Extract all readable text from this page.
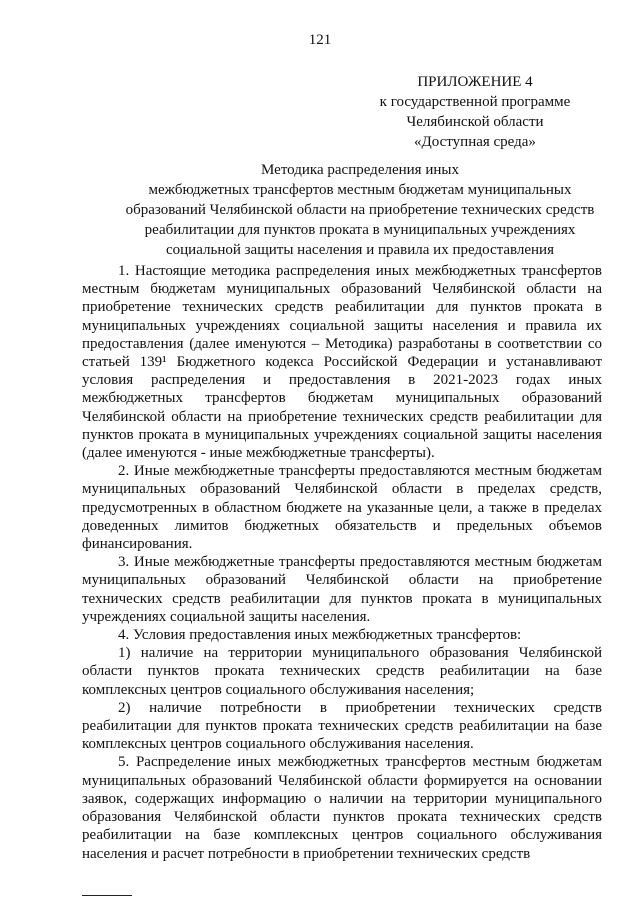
121
ПРИЛОЖЕНИЕ 4
к государственной программе
Челябинской области
«Доступная среда»
Методика распределения иных
межбюджетных трансфертов местным бюджетам муниципальных
образований Челябинской области на приобретение технических средств
реабилитации для пунктов проката в муниципальных учреждениях
социальной защиты населения и правила их предоставления

1. Настоящие методика распределения иных межбюджетных трансфертов местным бюджетам муниципальных образований Челябинской области на приобретение технических средств реабилитации для пунктов проката в муниципальных учреждениях социальной защиты населения и правила их предоставления (далее именуются – Методика) разработаны в соответствии со статьей 139¹ Бюджетного кодекса Российской Федерации и устанавливают условия распределения и предоставления в 2021-2023 годах иных межбюджетных трансфертов бюджетам муниципальных образований Челябинской области на приобретение технических средств реабилитации для пунктов проката в муниципальных учреждениях социальной защиты населения (далее именуются - иные межбюджетные трансферты).

2. Иные межбюджетные трансферты предоставляются местным бюджетам муниципальных образований Челябинской области в пределах средств, предусмотренных в областном бюджете на указанные цели, а также в пределах доведенных лимитов бюджетных обязательств и предельных объемов финансирования.

3. Иные межбюджетные трансферты предоставляются местным бюджетам муниципальных образований Челябинской области на приобретение технических средств реабилитации для пунктов проката в муниципальных учреждениях социальной защиты населения.

4. Условия предоставления иных межбюджетных трансфертов:

1) наличие на территории муниципального образования Челябинской области пунктов проката технических средств реабилитации на базе комплексных центров социального обслуживания населения;

2) наличие потребности в приобретении технических средств реабилитации для пунктов проката технических средств реабилитации на базе комплексных центров социального обслуживания населения.

5. Распределение иных межбюджетных трансфертов местным бюджетам муниципальных образований Челябинской области формируется на основании заявок, содержащих информацию о наличии на территории муниципального образования Челябинской области пунктов проката технических средств реабилитации на базе комплексных центров социального обслуживания населения и расчет потребности в приобретении технических средств
